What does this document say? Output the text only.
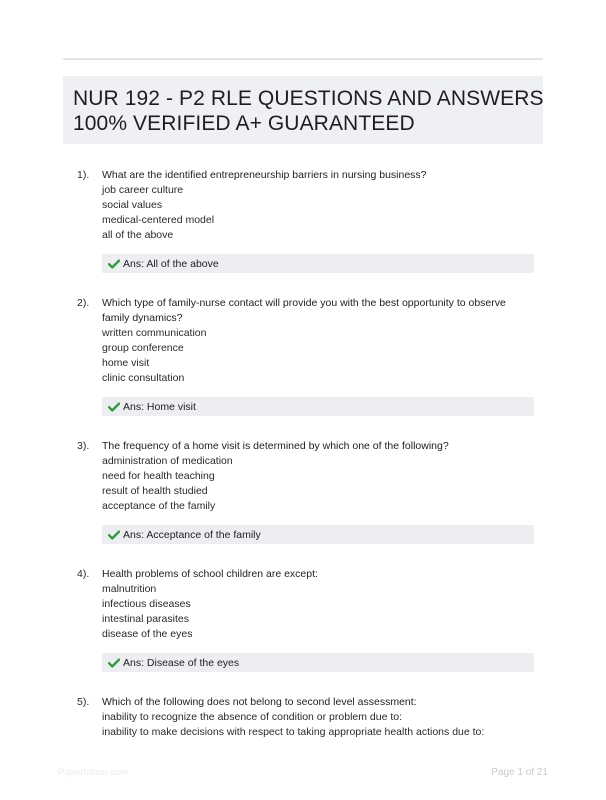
NUR 192 - P2 RLE QUESTIONS AND ANSWERS
100% VERIFIED A+ GUARANTEED
1). What are the identified entrepreneurship barriers in nursing business?
job career culture
social values
medical-centered model
all of the above
Ans: All of the above
2). Which type of family-nurse contact will provide you with the best opportunity to observe
family dynamics?
written communication
group conference
home visit
clinic consultation
Ans: Home visit
3). The frequency of a home visit is determined by which one of the following?
administration of medication
need for health teaching
result of health studied
acceptance of the family
Ans: Acceptance of the family
4). Health problems of school children are except:
malnutrition
infectious diseases
intestinal parasites
disease of the eyes
Ans: Disease of the eyes
5). Which of the following does not belong to second level assessment:
inability to recognize the absence of condition or problem due to:
inability to make decisions with respect to taking appropriate health actions due to:
Paperfollow.com	Page 1 of 21
